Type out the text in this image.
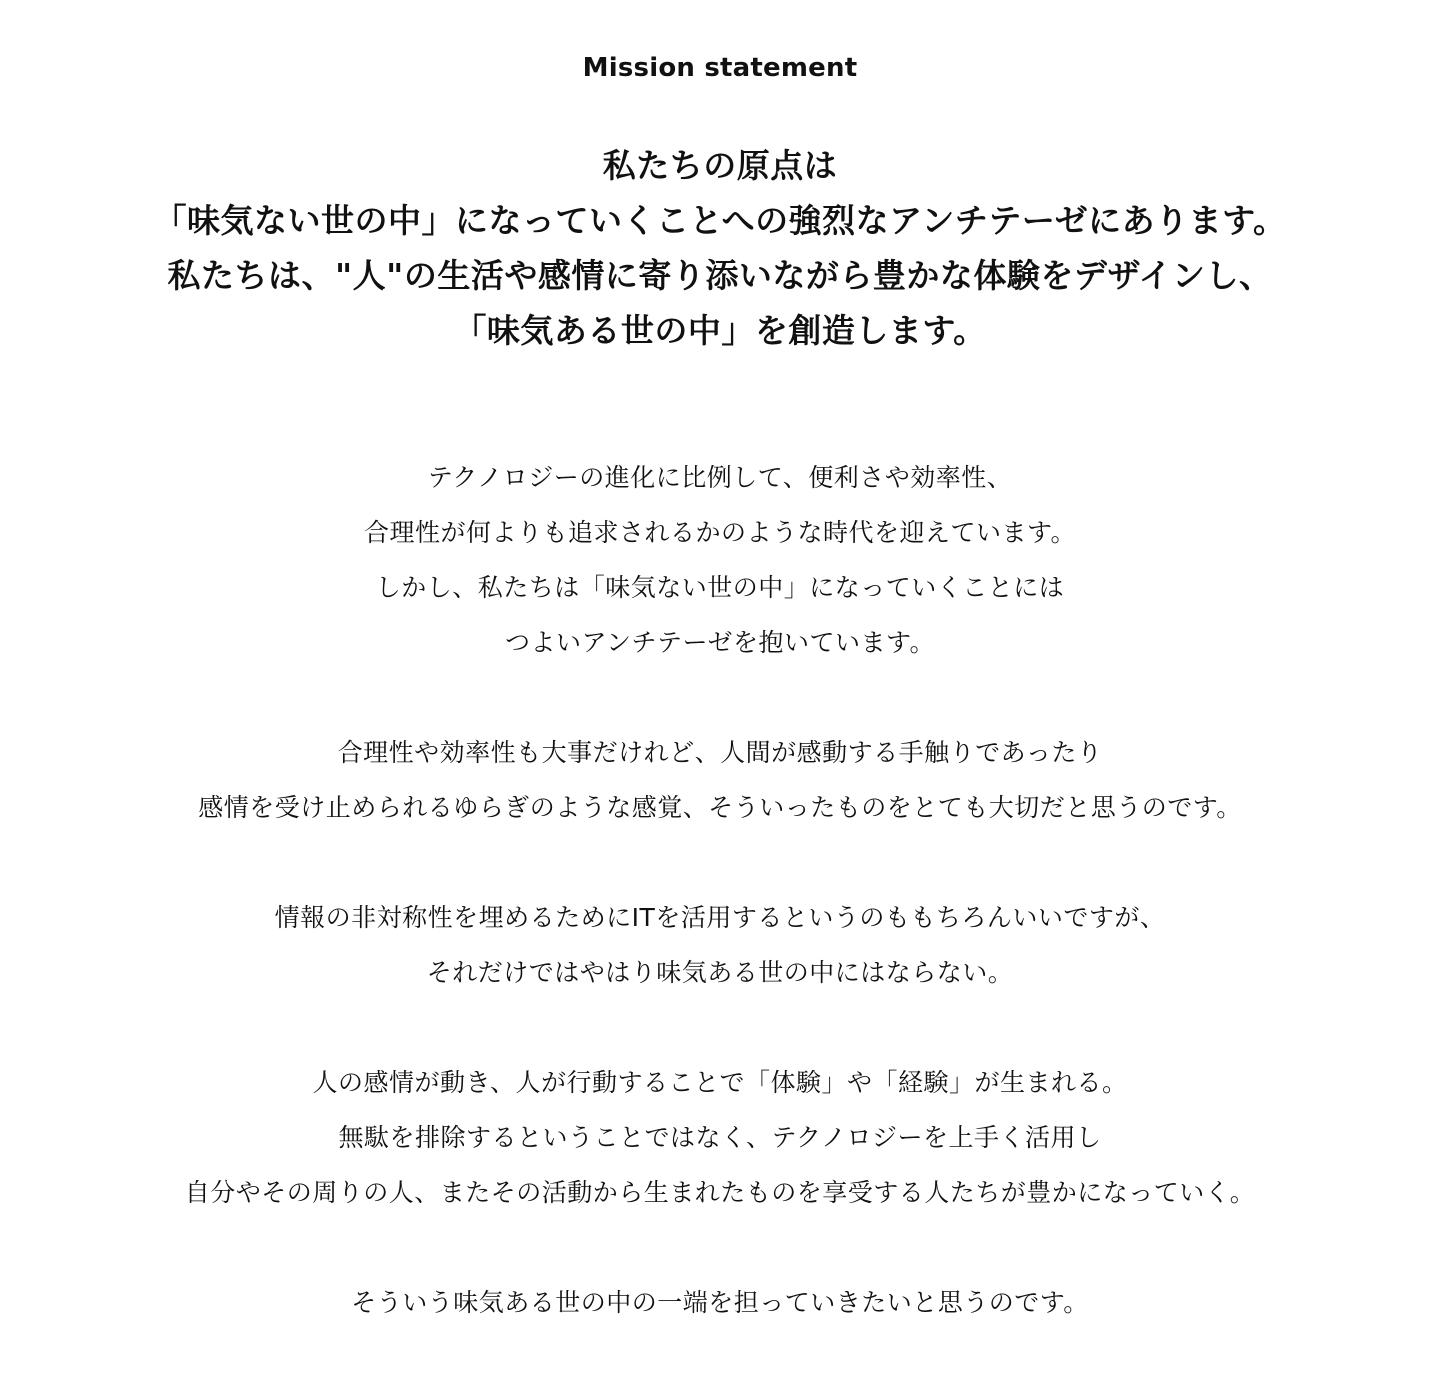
Mission statement
私たちの原点は
「味気ない世の中」になっていくことへの強烈なアンチテーゼにあります。
私たちは、"人"の生活や感情に寄り添いながら豊かな体験をデザインし、
「味気ある世の中」を創造します。

テクノロジーの進化に比例して、便利さや効率性、
合理性が何よりも追求されるかのような時代を迎えています。
しかし、私たちは「味気ない世の中」になっていくことには
つよいアンチテーゼを抱いています。

合理性や効率性も大事だけれど、人間が感動する手触りであったり
感情を受け止められるゆらぎのような感覚、そういったものをとても大切だと思うのです。

情報の非対称性を埋めるためにITを活用するというのももちろんいいですが、
それだけではやはり味気ある世の中にはならない。

人の感情が動き、人が行動することで「体験」や「経験」が生まれる。
無駄を排除するということではなく、テクノロジーを上手く活用し
自分やその周りの人、またその活動から生まれたものを享受する人たちが豊かになっていく。

そういう味気ある世の中の一端を担っていきたいと思うのです。
